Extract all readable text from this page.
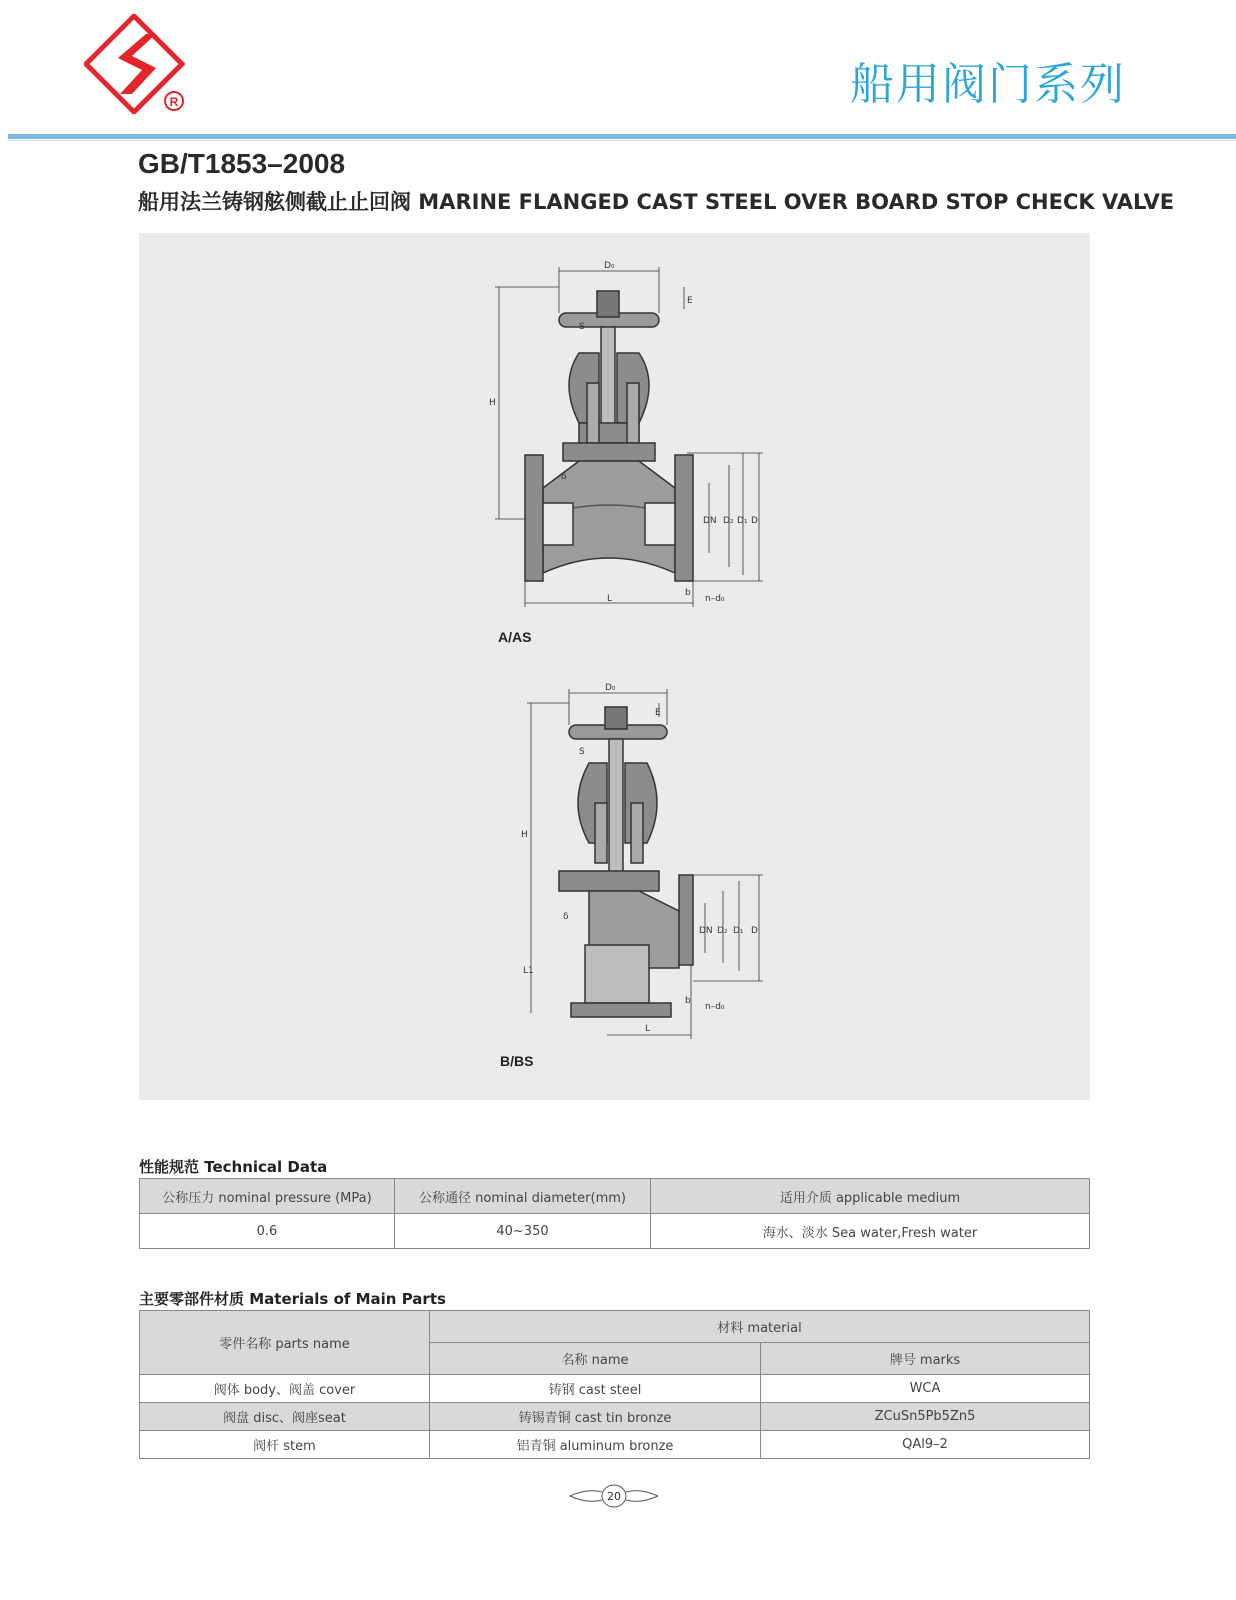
R	船用阀门系列
GB/T1853–2008
船用法兰铸钢舷侧截止止回阀 MARINE FLANGED CAST STEEL OVER BOARD STOP CHECK VALVE
D₀
E
S
H
δ
DN D₂ D₁ D
b
n–d₀
L
D₀
E
S
H
δ
DN D₂ D₁ D
L1
b
n–d₀
L
A/AS
B/BS
性能规范 Technical Data
公称压力 nominal pressure (MPa)	公称通径 nominal diameter(mm)	适用介质 applicable medium
0.6	40~350	海水、淡水 Sea water,Fresh water
主要零部件材质 Materials of Main Parts
零件名称 parts name	材料 material	
	名称 name	牌号 marks
阀体 body、阀盖 cover	铸钢 cast steel	WCA
阀盘 disc、阀座seat	铸锡青铜 cast tin bronze	ZCuSn5Pb5Zn5
阀杆 stem	铝青铜 aluminum bronze	QAl9–2
20
